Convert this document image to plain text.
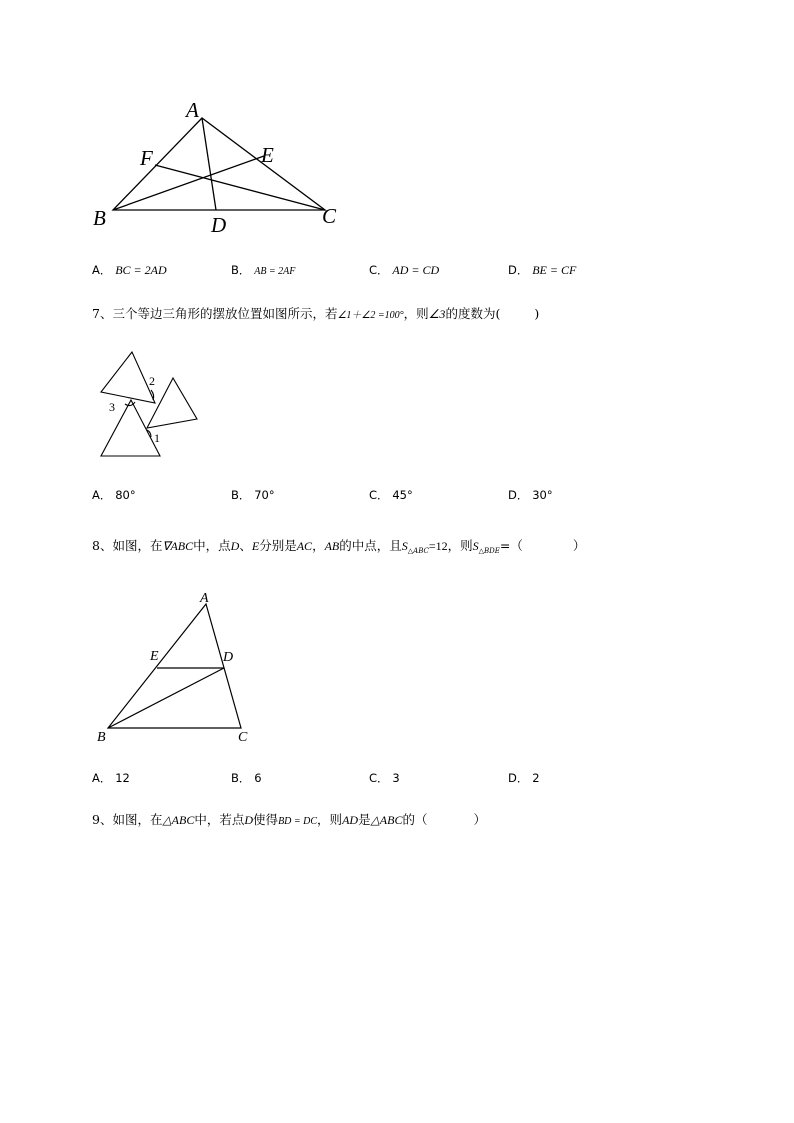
A
B	C
D
E
F
A． BC = 2AD	B． AB = 2AF	C． AD = CD	D． BE = CF
7、三个等边三角形的摆放位置如图所示，若∠1＋∠2 =100°，则∠3的度数为(	)
3
2
1
A． 80°	B． 70°	C． 45°	D． 30°
8、如图，在∇ABC中，点D、E分别是AC，AB的中点，且$S_{\triangle ABC}=12$，则$S_{\triangle BDE}=$（	）
A
B	C
D
E
A． 12	B． 6	C． 3	D． 2
9、如图，在△ABC中，若点D使得BD = DC，则AD是△ABC的（	）
